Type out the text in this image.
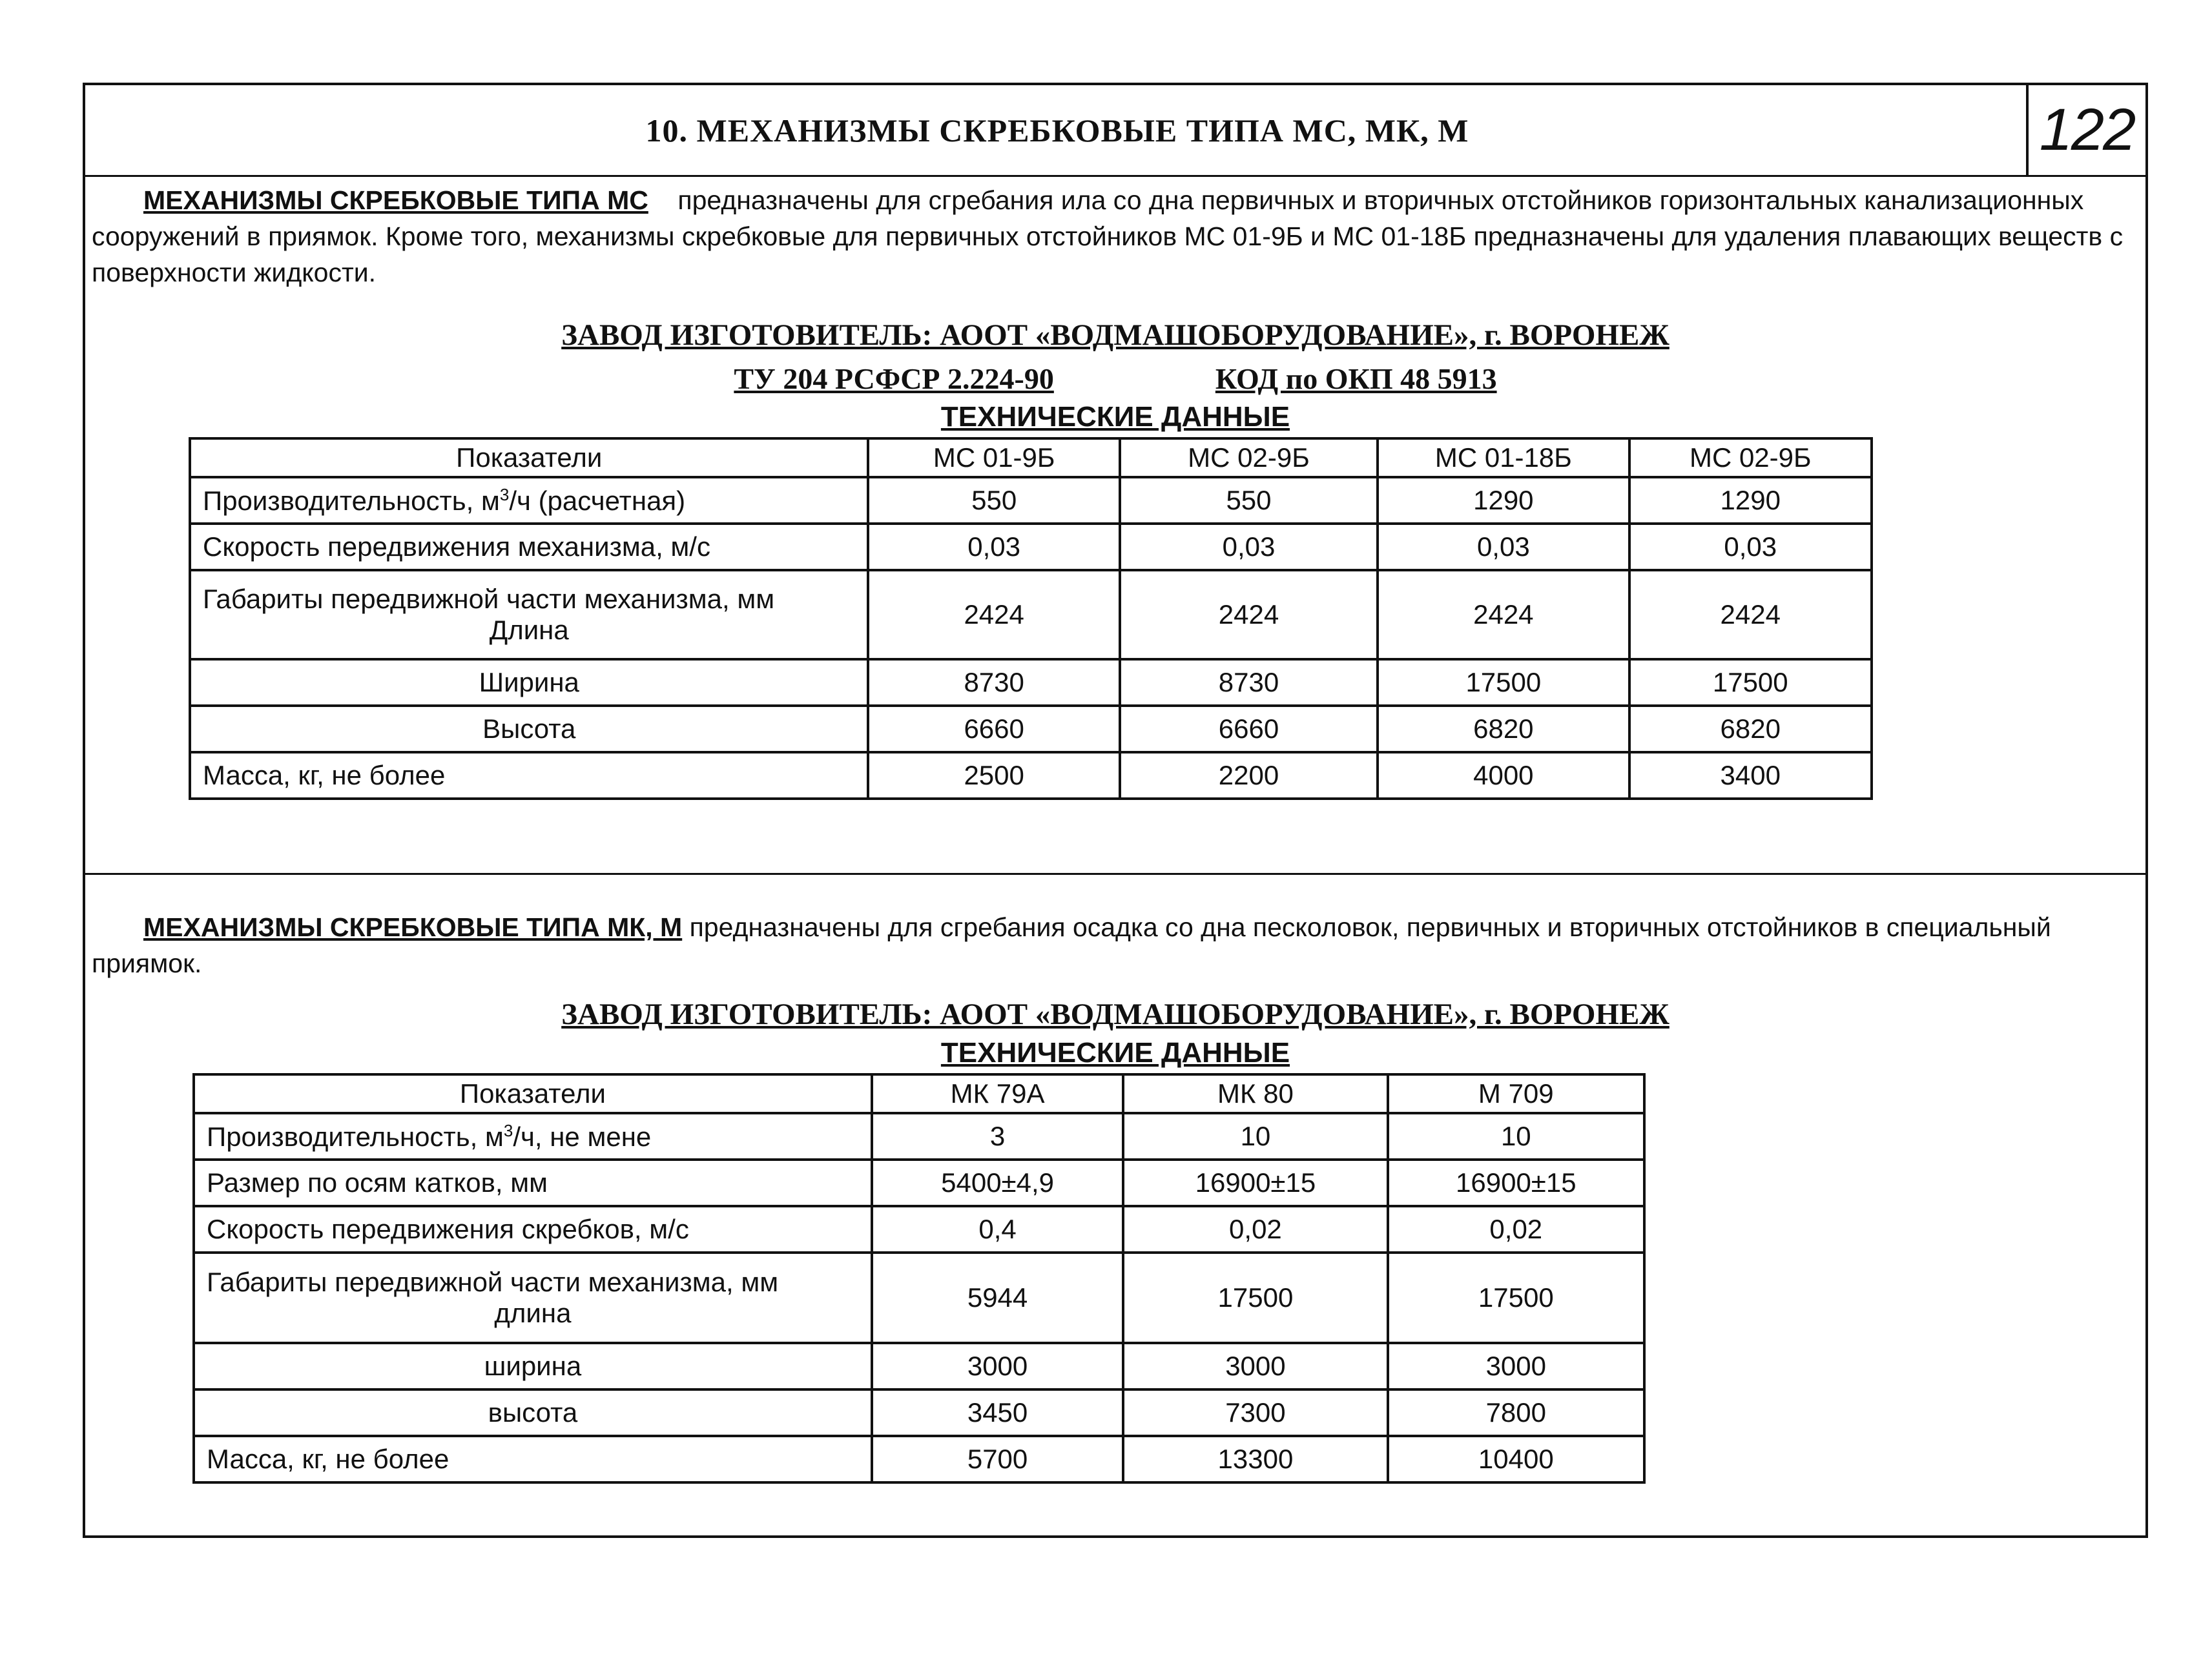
10. МЕХАНИЗМЫ СКРЕБКОВЫЕ ТИПА МС, МК, М	122

МЕХАНИЗМЫ СКРЕБКОВЫЕ ТИПА МС предназначены для сгребания ила со дна первичных и вторичных отстойников горизонтальных канализационных сооружений в приямок. Кроме того, механизмы скребковые для первичных отстойников МС 01-9Б и МС 01-18Б предназначены для удаления плавающих веществ с поверхности жидкости.

ЗАВОД ИЗГОТОВИТЕЛЬ: АООТ «ВОДМАШОБОРУДОВАНИЕ», г. ВОРОНЕЖ
ТУ 204 РСФСР 2.224-90	КОД по ОКП 48 5913
ТЕХНИЧЕСКИЕ ДАННЫЕ
Показатели	МС 01-9Б	МС 02-9Б	МС 01-18Б	МС 02-9Б
Производительность, $м^3/ч$ (расчетная)	550	550	1290	1290
Скорость передвижения механизма, м/с	0,03	0,03	0,03	0,03

Габариты передвижной части механизма, мм
Длина	2424	2424	2424	2424
Ширина	8730	8730	17500	17500
Высота	6660	6660	6820	6820
Масса, кг, не более	2500	2200	4000	3400

МЕХАНИЗМЫ СКРЕБКОВЫЕ ТИПА МК, М предназначены для сгребания осадка со дна песколовок, первичных и вторичных отстойников в специальный приямок.

ЗАВОД ИЗГОТОВИТЕЛЬ: АООТ «ВОДМАШОБОРУДОВАНИЕ», г. ВОРОНЕЖ
ТЕХНИЧЕСКИЕ ДАННЫЕ
Показатели	МК 79А	МК 80	М 709
Производительность, $м^3/ч$, не мене	3	10	10
Размер по осям катков, мм	5400±4,9	16900±15	16900±15
Скорость передвижения скребков, м/с	0,4	0,02	0,02

Габариты передвижной части механизма, мм
длина	5944	17500	17500
ширина	3000	3000	3000
высота	3450	7300	7800
Масса, кг, не более	5700	13300	10400
